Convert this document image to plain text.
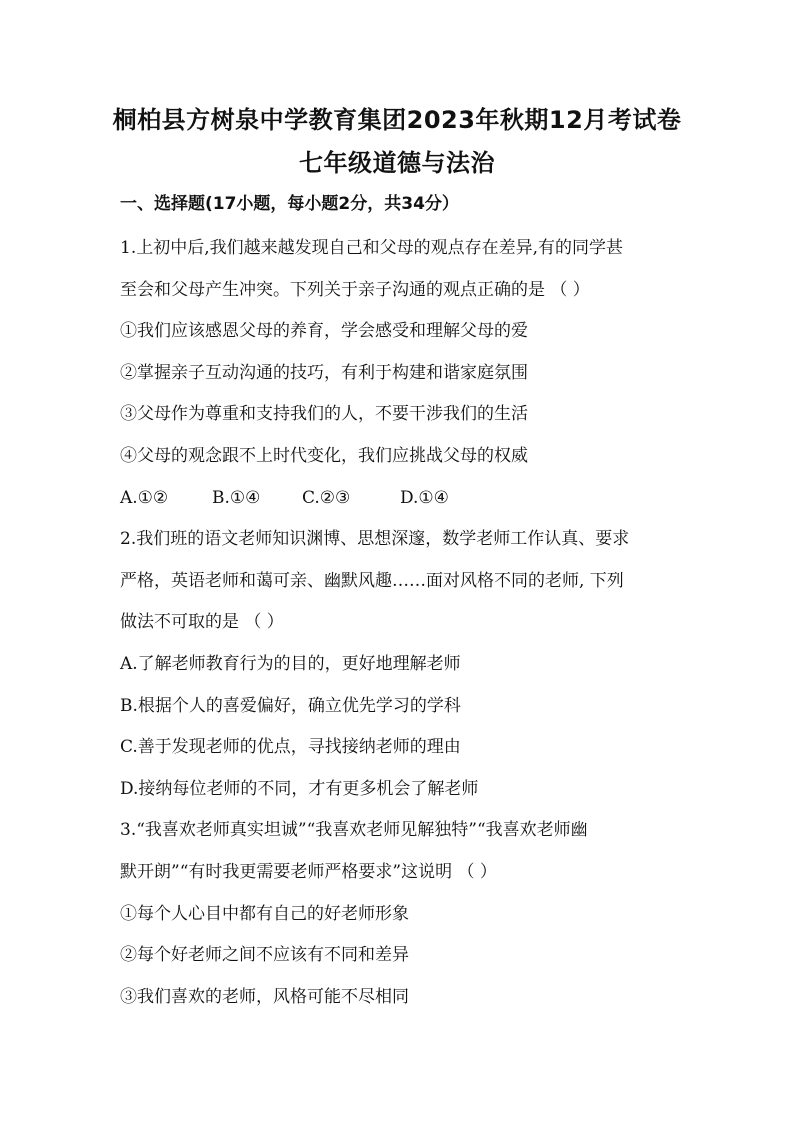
桐柏县方树泉中学教育集团2023年秋期12月考试卷
七年级道德与法治
一、选择题(17小题，每小题2分，共34分）
1.上初中后,我们越来越发现自己和父母的观点存在差异,有的同学甚
至会和父母产生冲突。下列关于亲子沟通的观点正确的是 （ ）
①我们应该感恩父母的养育，学会感受和理解父母的爱
②掌握亲子互动沟通的技巧，有利于构建和谐家庭氛围
③父母作为尊重和支持我们的人，不要干涉我们的生活
④父母的观念跟不上时代变化，我们应挑战父母的权威
A.①②	B.①④	C.②③	D.①④
2.我们班的语文老师知识渊博、思想深邃，数学老师工作认真、要求
严格，英语老师和蔼可亲、幽默风趣……面对风格不同的老师, 下列
做法不可取的是 （ ）
A.了解老师教育行为的目的，更好地理解老师
B.根据个人的喜爱偏好，确立优先学习的学科
C.善于发现老师的优点，寻找接纳老师的理由
D.接纳每位老师的不同，才有更多机会了解老师
3.“我喜欢老师真实坦诚”“我喜欢老师见解独特”“我喜欢老师幽
默开朗”“有时我更需要老师严格要求”这说明 （ ）
①每个人心目中都有自己的好老师形象
②每个好老师之间不应该有不同和差异
③我们喜欢的老师，风格可能不尽相同
